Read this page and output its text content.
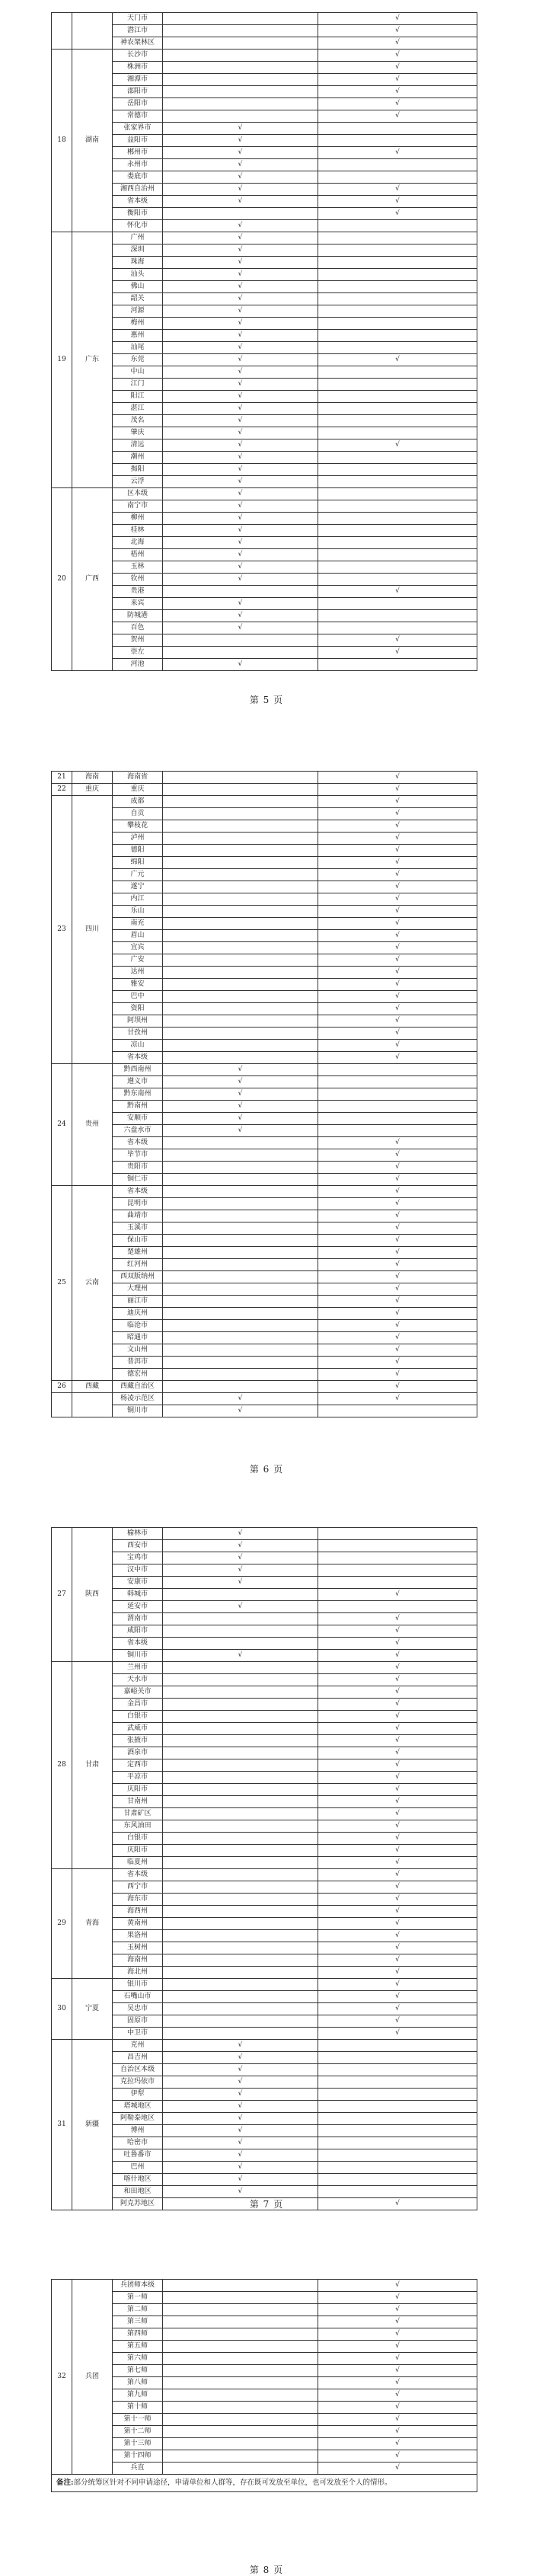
		天门市		√
		潜江市		√
		神农架林区		√
18	湖南	长沙市		√
		株洲市		√
		湘潭市		√
		邵阳市		√
		岳阳市		√
		常德市		√
		张家界市	√	
		益阳市	√	
		郴州市	√	√
		永州市	√	
		娄底市	√	
		湘西自治州	√	√
		省本级	√	√
		衡阳市		√
		怀化市	√	
19	广东	广州	√	
		深圳	√	
		珠海	√	
		汕头	√	
		佛山	√	
		韶关	√	
		河源	√	
		梅州	√	
		惠州	√	
		汕尾	√	
		东莞	√	√
		中山	√	
		江门	√	
		阳江	√	
		湛江	√	
		茂名	√	
		肇庆	√	
		清远	√	√
		潮州	√	
		揭阳	√	
		云浮	√	
20	广西	区本级	√	
		南宁市	√	
		柳州	√	
		桂林	√	
		北海	√	
		梧州	√	
		玉林	√	
		钦州	√	
		贵港		√
		来宾	√	
		防城港	√	
		百色	√	
		贺州		√
		崇左		√
		河池	√	
第 5 页
21	海南	海南省		√
22	重庆	重庆		√
23	四川	成都		√
		自贡		√
		攀枝花		√
		泸州		√
		德阳		√
		绵阳		√
		广元		√
		遂宁		√
		内江		√
		乐山		√
		南充		√
		眉山		√
		宜宾		√
		广安		√
		达州		√
		雅安		√
		巴中		√
		资阳		√
		阿坝州		√
		甘孜州		√
		凉山		√
		省本级		√
24	贵州	黔西南州	√	
		遵义市	√	
		黔东南州	√	
		黔南州	√	
		安顺市	√	
		六盘水市	√	
		省本级		√
		毕节市		√
		贵阳市		√
		铜仁市		√
25	云南	省本级		√
		昆明市		√
		曲靖市		√
		玉溪市		√
		保山市		√
		楚雄州		√
		红河州		√
		西双版纳州		√
		大理州		√
		丽江市		√
		迪庆州		√
		临沧市		√
		昭通市		√
		文山州		√
		普洱市		√
		德宏州		√
26	西藏	西藏自治区		√
		杨凌示范区	√	√
		铜川市	√	
第 6 页
27	陕西	榆林市	√	
		西安市	√	
		宝鸡市	√	
		汉中市	√	
		安康市	√	
		韩城市		√
		延安市	√	
		渭南市		√
		咸阳市		√
		省本级		√
		铜川市	√	√
28	甘肃	兰州市		√
		天水市		√
		嘉峪关市		√
		金昌市		√
		白银市		√
		武威市		√
		张掖市		√
		酒泉市		√
		定西市		√
		平凉市		√
		庆阳市		√
		甘南州		√
		甘肃矿区		√
		东风油田		√
		白银市		√
		庆阳市		√
		临夏州		√
29	青海	省本级		√
		西宁市		√
		海东市		√
		海西州		√
		黄南州		√
		果洛州		√
		玉树州		√
		海南州		√
		海北州		√
30	宁夏	银川市		√
		石嘴山市		√
		吴忠市		√
		固原市		√
		中卫市		√
31	新疆	克州	√	
		昌吉州	√	
		自治区本级	√	
		克拉玛依市	√	
		伊犁	√	
		塔城地区	√	
		阿勒泰地区	√	
		博州	√	
		哈密市	√	
		吐鲁番市	√	
		巴州	√	
		喀什地区	√	
		和田地区	√	
		阿克苏地区		√
第 7 页
32	兵团	兵团师本级		√
		第一师		√
		第二师		√
		第三师		√
		第四师		√
		第五师		√
		第六师		√
		第七师		√
		第八师		√
		第九师		√
		第十师		√
		第十一师		√
		第十二师		√
		第十三师		√
		第十四师		√
		兵直		√
备注:部分统筹区针对不同申请途径，申请单位和人群等，存在既可发放至单位，也可发放至个人的情形。				
第 8 页
